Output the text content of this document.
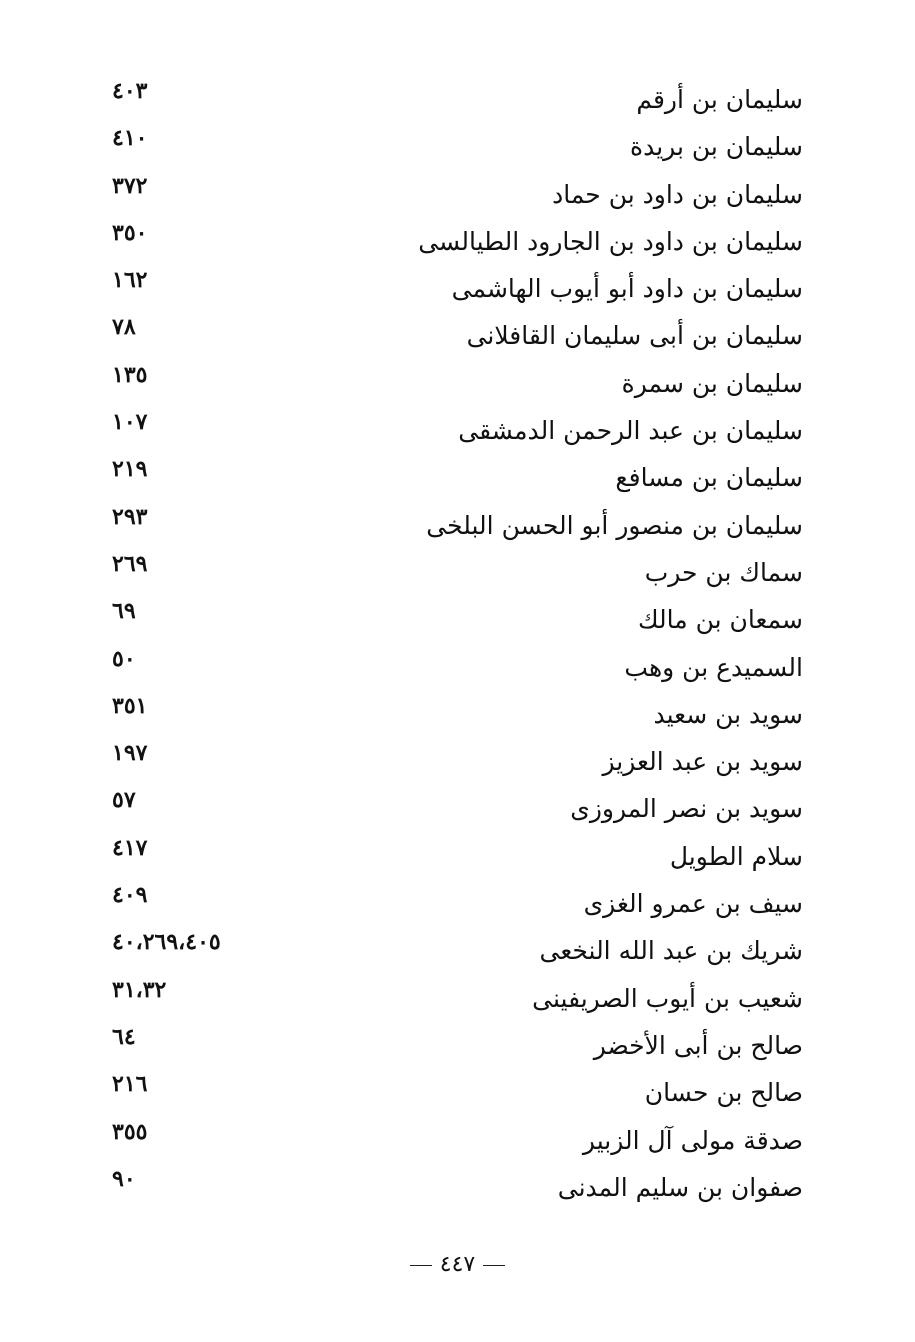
سليمان بن أرقم
٤٠٣
سليمان بن بريدة
٤١٠
سليمان بن داود بن حماد
٣٧٢
سليمان بن داود بن الجارود الطيالسى
٣٥٠
سليمان بن داود أبو أيوب الهاشمى
١٦٢
سليمان بن أبى سليمان القافلانى
٧٨
سليمان بن سمرة
١٣٥
سليمان بن عبد الرحمن الدمشقى
١٠٧
سليمان بن مسافع
٢١٩
سليمان بن منصور أبو الحسن البلخى
٢٩٣
سماك بن حرب
٢٦٩
سمعان بن مالك
٦٩
السميدع بن وهب
٥٠
سويد بن سعيد
٣٥١
سويد بن عبد العزيز
١٩٧
سويد بن نصر المروزى
٥٧
سلام الطويل
٤١٧
سيف بن عمرو الغزى
٤٠٩
شريك بن عبد الله النخعى
٤٠،٢٦٩،٤٠٥
شعيب بن أيوب الصريفينى
٣١،٣٢
صالح بن أبى الأخضر
٦٤
صالح بن حسان
٢١٦
صدقة مولى آل الزبير
٣٥٥
صفوان بن سليم المدنى
٩٠
٤٤٧
